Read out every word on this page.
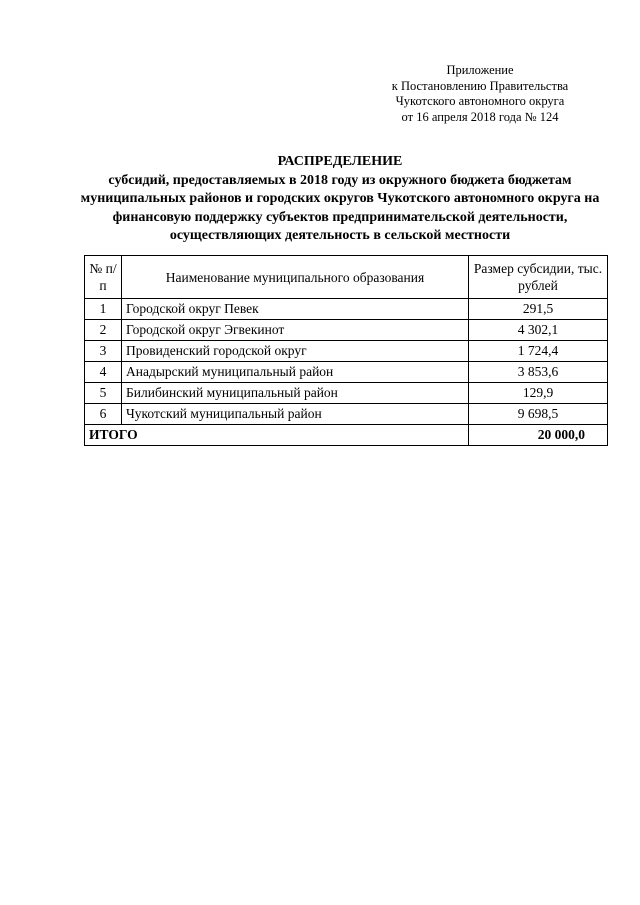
Приложение
к Постановлению Правительства
Чукотского автономного округа
от 16 апреля 2018 года № 124
РАСПРЕДЕЛЕНИЕ
субсидий, предоставляемых в 2018 году из окружного бюджета бюджетам муниципальных районов и городских округов Чукотского автономного округа на финансовую поддержку субъектов предпринимательской деятельности, осуществляющих деятельность в сельской местности
№ п/п	Наименование муниципального образования	Размер субсидии, тыс. рублей
1	Городской округ Певек	291,5
2	Городской округ Эгвекинот	4 302,1
3	Провиденский городской округ	1 724,4
4	Анадырский муниципальный район	3 853,6
5	Билибинский муниципальный район	129,9
6	Чукотский муниципальный район	9 698,5
ИТОГО		20 000,0
